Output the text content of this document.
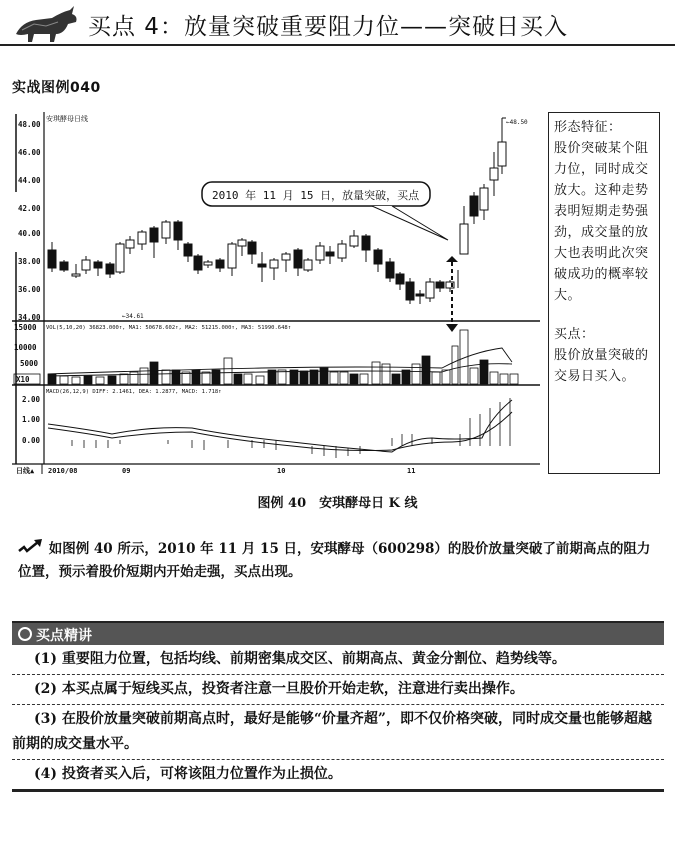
买点 4：放量突破重要阻力位——突破日买入
实战图例040
安琪酵母日线
48.00
46.00
44.00
42.00
40.00
38.00
36.00
34.00	←34.61
←48.50
2010 年 11 月 15 日，放量突破，买点
15000
10000
5000
X10
VOL(5,10,20) 36823.000↑, MA1: 50678.602↑, MA2: 51215.000↑, MA3: 51990.648↑
2.00
1.00
0.00
MACD(26,12,9) DIFF: 2.1461, DEA: 1.2877, MACD: 1.718↑
日线▲ 2010/08	09	10	11

形态特征：

股价突破某个阻力位，同时成交放大。这种走势表明短期走势强劲，成交量的放大也表明此次突破成功的概率较大。

买点：

股价放量突破的交易日买入。

图例 40　安琪酵母日 K 线
如图例 40 所示，2010 年 11 月 15 日，安琪酵母（600298）的股价放量突破了前期高点的阻力位置，预示着股价短期内开始走强，买点出现。
买点精讲
(1) 重要阻力位置，包括均线、前期密集成交区、前期高点、黄金分割位、趋势线等。
(2) 本买点属于短线买点，投资者注意一旦股价开始走软，注意进行卖出操作。
(3) 在股价放量突破前期高点时，最好是能够“价量齐超”，即不仅价格突破，同时成交量也能够超越前期的成交量水平。
(4) 投资者买入后，可将该阻力位置作为止损位。
